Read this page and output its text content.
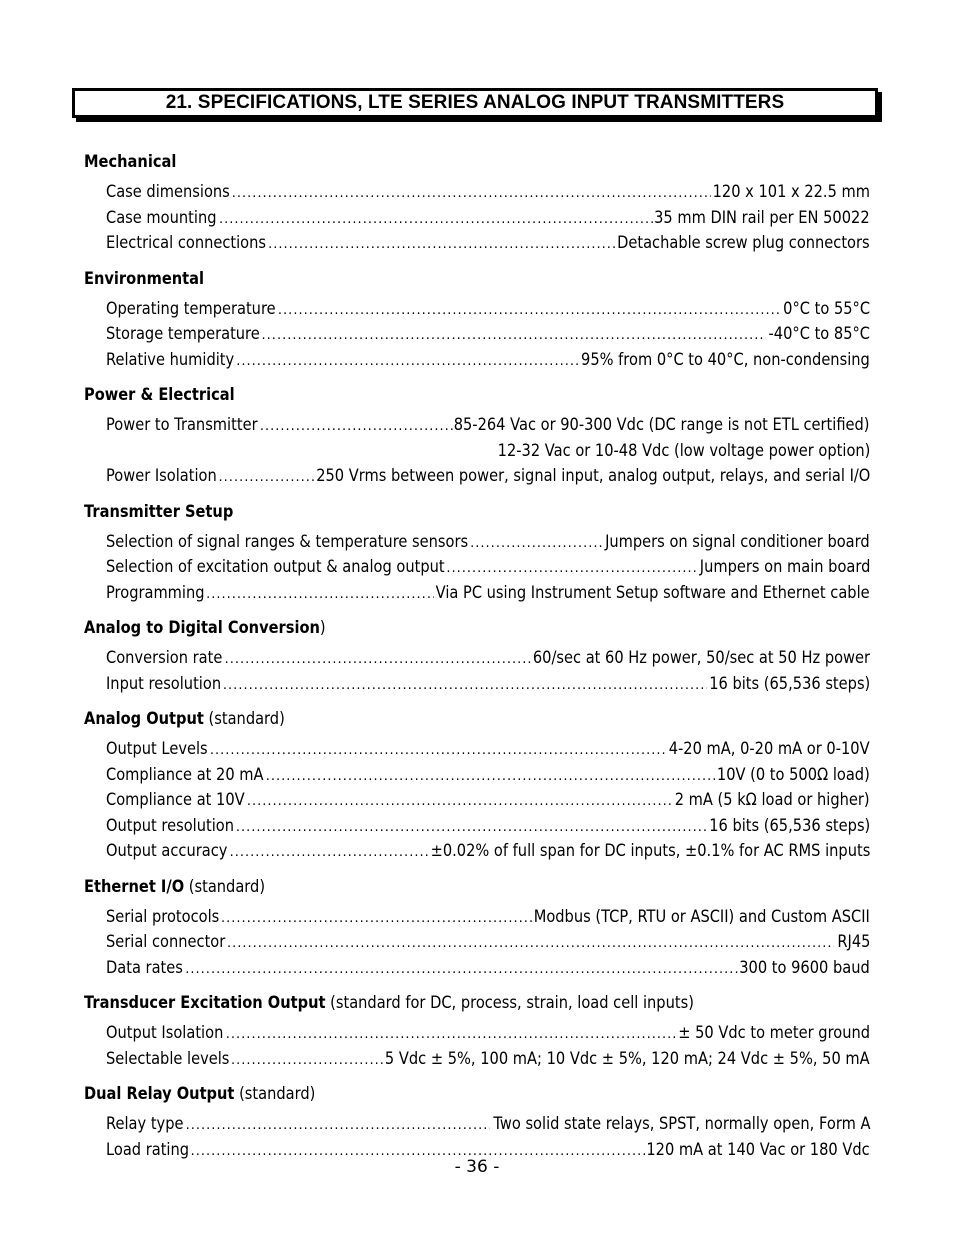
21. SPECIFICATIONS, LTE SERIES ANALOG INPUT TRANSMITTERS
Mechanical
Case dimensions .....	120 x 101 x 22.5 mm
Case mounting .....	35 mm DIN rail per EN 50022
Electrical connections .....	Detachable screw plug connectors
Environmental
Operating temperature .....	0°C to 55°C
Storage temperature .....	-40°C to 85°C
Relative humidity .....	95% from 0°C to 40°C, non-condensing
Power & Electrical
Power to Transmitter .....	85-264 Vac or 90-300 Vdc (DC range is not ETL certified)
12-32 Vac or 10-48 Vdc (low voltage power option)
Power Isolation .....	250 Vrms between power, signal input, analog output, relays, and serial I/O
Transmitter Setup
Selection of signal ranges & temperature sensors .....	Jumpers on signal conditioner board
Selection of excitation output & analog output .....	Jumpers on main board
Programming .....	Via PC using Instrument Setup software and Ethernet cable
Analog to Digital Conversion)
Conversion rate .....	60/sec at 60 Hz power, 50/sec at 50 Hz power
Input resolution .....	16 bits (65,536 steps)
Analog Output (standard)
Output Levels .....	4-20 mA, 0-20 mA or 0-10V
Compliance at 20 mA .....	10V (0 to 500Ω load)
Compliance at 10V .....	2 mA (5 kΩ load or higher)
Output resolution .....	16 bits (65,536 steps)
Output accuracy .....	±0.02% of full span for DC inputs, ±0.1% for AC RMS inputs
Ethernet I/O (standard)
Serial protocols .....	Modbus (TCP, RTU or ASCII) and Custom ASCII
Serial connector .....	RJ45
Data rates .....	300 to 9600 baud
Transducer Excitation Output (standard for DC, process, strain, load cell inputs)
Output Isolation .....	± 50 Vdc to meter ground
Selectable levels .....	5 Vdc ± 5%, 100 mA; 10 Vdc ± 5%, 120 mA; 24 Vdc ± 5%, 50 mA
Dual Relay Output (standard)
Relay type .....	Two solid state relays, SPST, normally open, Form A
Load rating .....	120 mA at 140 Vac or 180 Vdc
- 36 -
